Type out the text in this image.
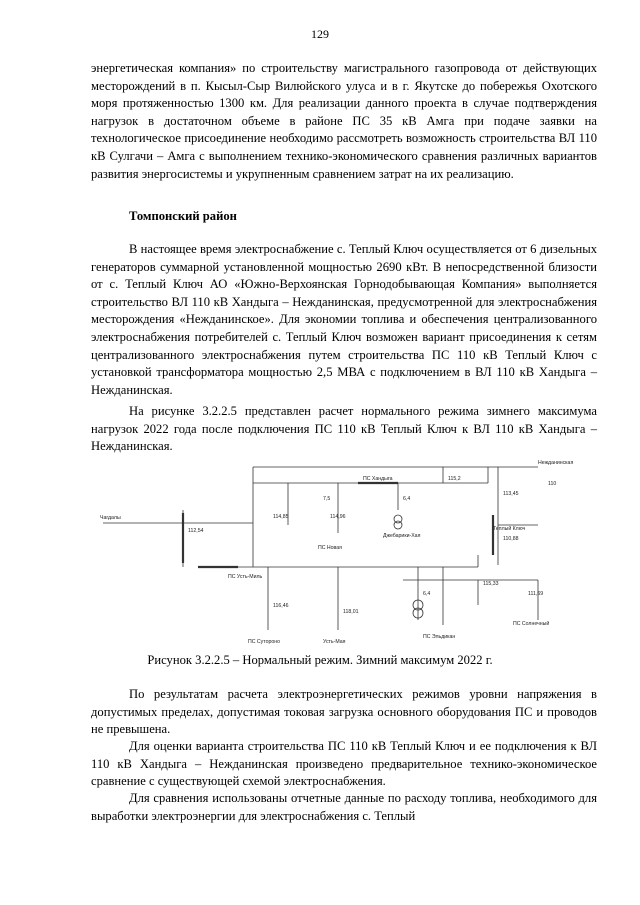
129

энергетическая компания» по строительству магистрального газопровода от действующих месторождений в п. Кысыл-Сыр Вилюйского улуса и в г. Якутске до побережья Охотского моря протяженностью 1300 км. Для реализации данного проекта в случае подтверждения нагрузок в достаточном объеме в районе ПС 35 кВ Амга при подаче заявки на технологическое присоединение необходимо рассмотреть возможность строительства ВЛ 110 кВ Сулгачи – Амга с выполнением технико-экономического сравнения различных вариантов развития энергосистемы и укрупненным сравнением затрат на их реализацию.

Томпонский район

В настоящее время электроснабжение с. Теплый Ключ осуществляется от 6 дизельных генераторов суммарной установленной мощностью 2690 кВт. В непосредственной близости от с. Теплый Ключ АО «Южно-Верхоянская Горнодобывающая Компания» выполняется строительство ВЛ 110 кВ Хандыга – Нежданинская, предусмотренной для электроснабжения месторождения «Нежданинское». Для экономии топлива и обеспечения централизованного электроснабжения потребителей с. Теплый Ключ возможен вариант присоединения к сетям централизованного электроснабжения путем строительства ПС 110 кВ Теплый Ключ с установкой трансформатора мощностью 2,5 МВА с подключением в ВЛ 110 кВ Хандыга – Нежданинская.

На рисунке 3.2.2.5 представлен расчет нормального режима зимнего максимума нагрузок 2022 года после подключения ПС 110 кВ Теплый Ключ к ВЛ 110 кВ Хандыга – Нежданинская.

Нежданинская
Чагдалы
ПС Хандыга
ПС Усть-Миль
ПС Новая
Джебарики-Хая
Теплый Ключ
ПС Сутороно	Усть-Мая
ПС Эльдикан
ПС Солнечный
112,54
114,85	114,96
115,2
113,45
110,88
116,46
118,01
115,33
111,69
110
6,4
6,4
7,5
Рисунок 3.2.2.5 – Нормальный режим. Зимний максимум 2022 г.

По результатам расчета электроэнергетических режимов уровни напряжения в допустимых пределах, допустимая токовая загрузка основного оборудования ПС и проводов не превышена.

Для оценки варианта строительства ПС 110 кВ Теплый Ключ и ее подключения к ВЛ 110 кВ Хандыга – Нежданинская произведено предварительное технико-экономическое сравнение с существующей схемой электроснабжения.

Для сравнения использованы отчетные данные по расходу топлива, необходимого для выработки электроэнергии для электроснабжения с. Теплый
